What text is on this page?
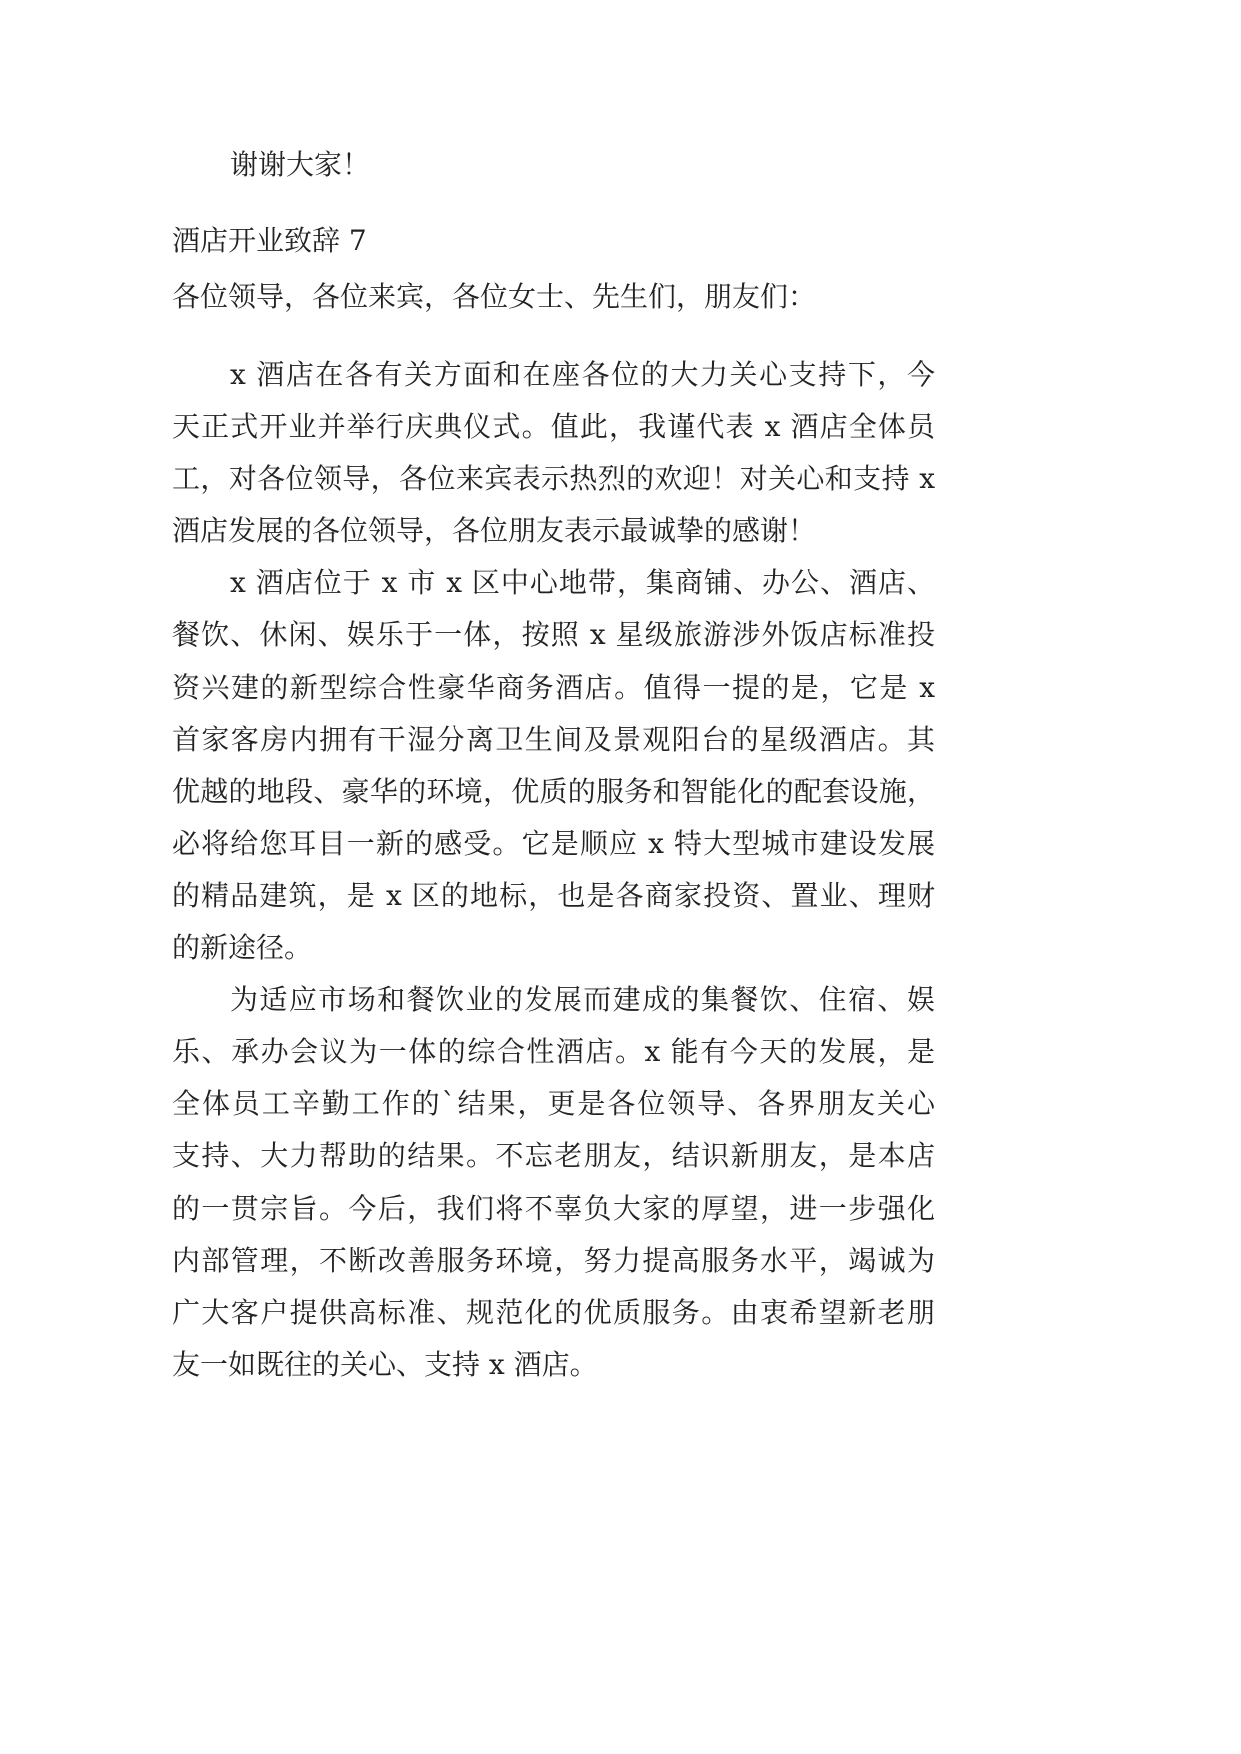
谢谢大家！
酒店开业致辞 7
各位领导，各位来宾，各位女士、先生们，朋友们：
x 酒店在各有关方面和在座各位的大力关心支持下，今
天正式开业并举行庆典仪式。值此，我谨代表 x 酒店全体员
工，对各位领导，各位来宾表示热烈的欢迎！对关心和支持 x
酒店发展的各位领导，各位朋友表示最诚挚的感谢！
x 酒店位于 x 市 x 区中心地带，集商铺、办公、酒店、
餐饮、休闲、娱乐于一体，按照 x 星级旅游涉外饭店标准投
资兴建的新型综合性豪华商务酒店。值得一提的是，它是 x
首家客房内拥有干湿分离卫生间及景观阳台的星级酒店。其
优越的地段、豪华的环境，优质的服务和智能化的配套设施，
必将给您耳目一新的感受。它是顺应 x 特大型城市建设发展
的精品建筑，是 x 区的地标，也是各商家投资、置业、理财
的新途径。
为适应市场和餐饮业的发展而建成的集餐饮、住宿、娱
乐、承办会议为一体的综合性酒店。x 能有今天的发展，是
全体员工辛勤工作的`结果，更是各位领导、各界朋友关心
支持、大力帮助的结果。不忘老朋友，结识新朋友，是本店
的一贯宗旨。今后，我们将不辜负大家的厚望，进一步强化
内部管理，不断改善服务环境，努力提高服务水平，竭诚为
广大客户提供高标准、规范化的优质服务。由衷希望新老朋
友一如既往的关心、支持 x 酒店。
